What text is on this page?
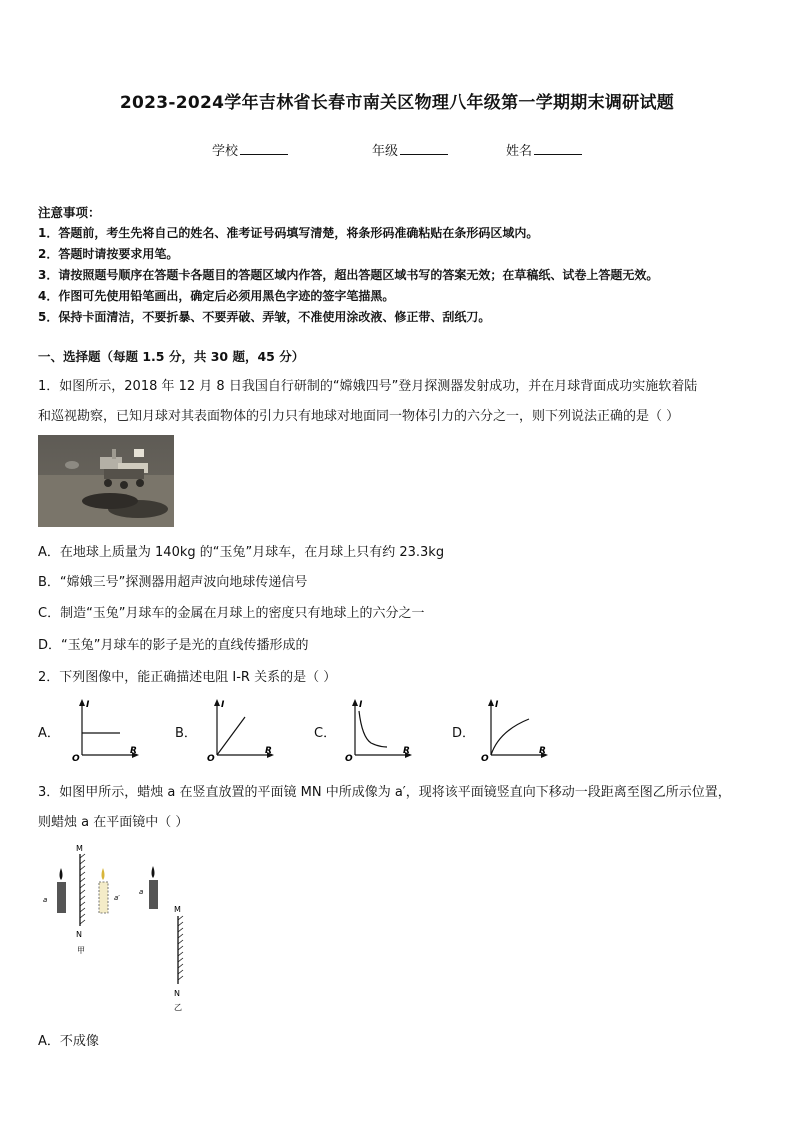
2023-2024学年吉林省长春市南关区物理八年级第一学期期末调研试题
学校	年级	姓名
注意事项：
1．答题前，考生先将自己的姓名、准考证号码填写清楚，将条形码准确粘贴在条形码区域内。
2．答题时请按要求用笔。
3．请按照题号顺序在答题卡各题目的答题区域内作答，超出答题区域书写的答案无效；在草稿纸、试卷上答题无效。
4．作图可先使用铅笔画出，确定后必须用黑色字迹的签字笔描黑。
5．保持卡面清洁，不要折暴、不要弄破、弄皱，不准使用涂改液、修正带、刮纸刀。
一、选择题（每题 1.5 分，共 30 题，45 分）
1．如图所示，2018 年 12 月 8 日我国自行研制的“嫦娥四号”登月探测器发射成功，并在月球背面成功实施软着陆
和巡视勘察，已知月球对其表面物体的引力只有地球对地面同一物体引力的六分之一，则下列说法正确的是（ ）
A．在地球上质量为 140kg 的“玉兔”月球车，在月球上只有约 23.3kg
B．“嫦娥三号”探测器用超声波向地球传递信号
C．制造“玉兔”月球车的金属在月球上的密度只有地球上的六分之一
D．“玉兔”月球车的影子是光的直线传播形成的
2．下列图像中，能正确描述电阻 I-R 关系的是（ ）
A．
I
R
O
B．
I
R
O
C．
I
R
O
D．
I
R
O
3．如图甲所示，蜡烛 a 在竖直放置的平面镜 MN 中所成像为 a′，现将该平面镜竖直向下移动一段距离至图乙所示位置，
则蜡烛 a 在平面镜中（ ）
M
N
甲
a	a′
a
M
N
乙
A．不成像
